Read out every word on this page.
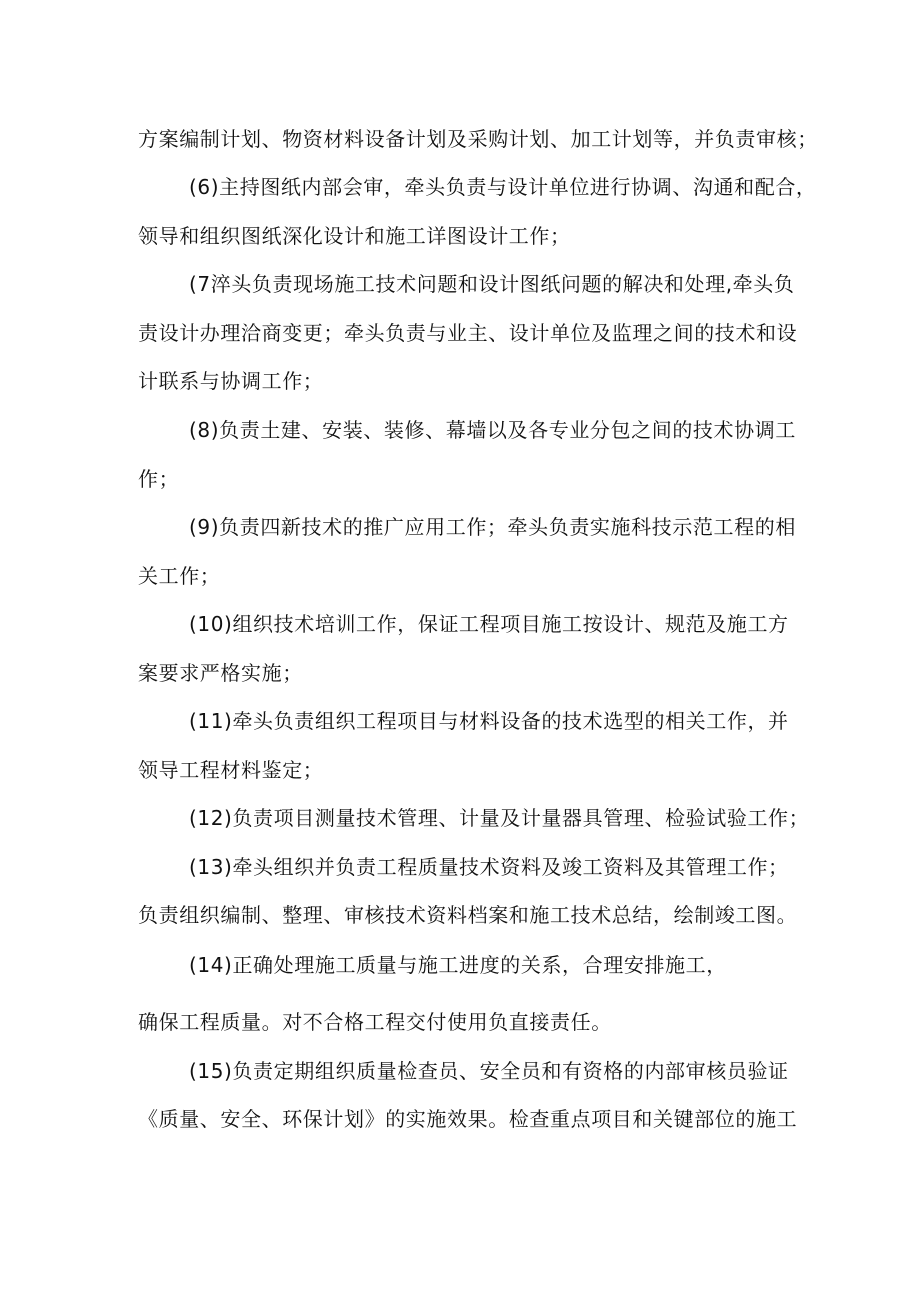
方案编制计划、物资材料设备计划及采购计划、加工计划等，并负责审核；
(6)主持图纸内部会审，牵头负责与设计单位进行协调、沟通和配合，
领导和组织图纸深化设计和施工详图设计工作；
(7淬头负责现场施工技术问题和设计图纸问题的解决和处理,牵头负
责设计办理洽商变更；牵头负责与业主、设计单位及监理之间的技术和设
计联系与协调工作；
(8)负责土建、安装、装修、幕墙以及各专业分包之间的技术协调工
作；
(9)负责四新技术的推广应用工作；牵头负责实施科技示范工程的相
关工作；
(10)组织技术培训工作，保证工程项目施工按设计、规范及施工方
案要求严格实施；
(11)牵头负责组织工程项目与材料设备的技术选型的相关工作，并
领导工程材料鉴定；
(12)负责项目测量技术管理、计量及计量器具管理、检验试验工作；
(13)牵头组织并负责工程质量技术资料及竣工资料及其管理工作；
负责组织编制、整理、审核技术资料档案和施工技术总结，绘制竣工图。
(14)正确处理施工质量与施工进度的关系，合理安排施工，
确保工程质量。对不合格工程交付使用负直接责任。
(15)负责定期组织质量检查员、安全员和有资格的内部审核员验证
《质量、安全、环保计划》的实施效果。检查重点项目和关键部位的施工
